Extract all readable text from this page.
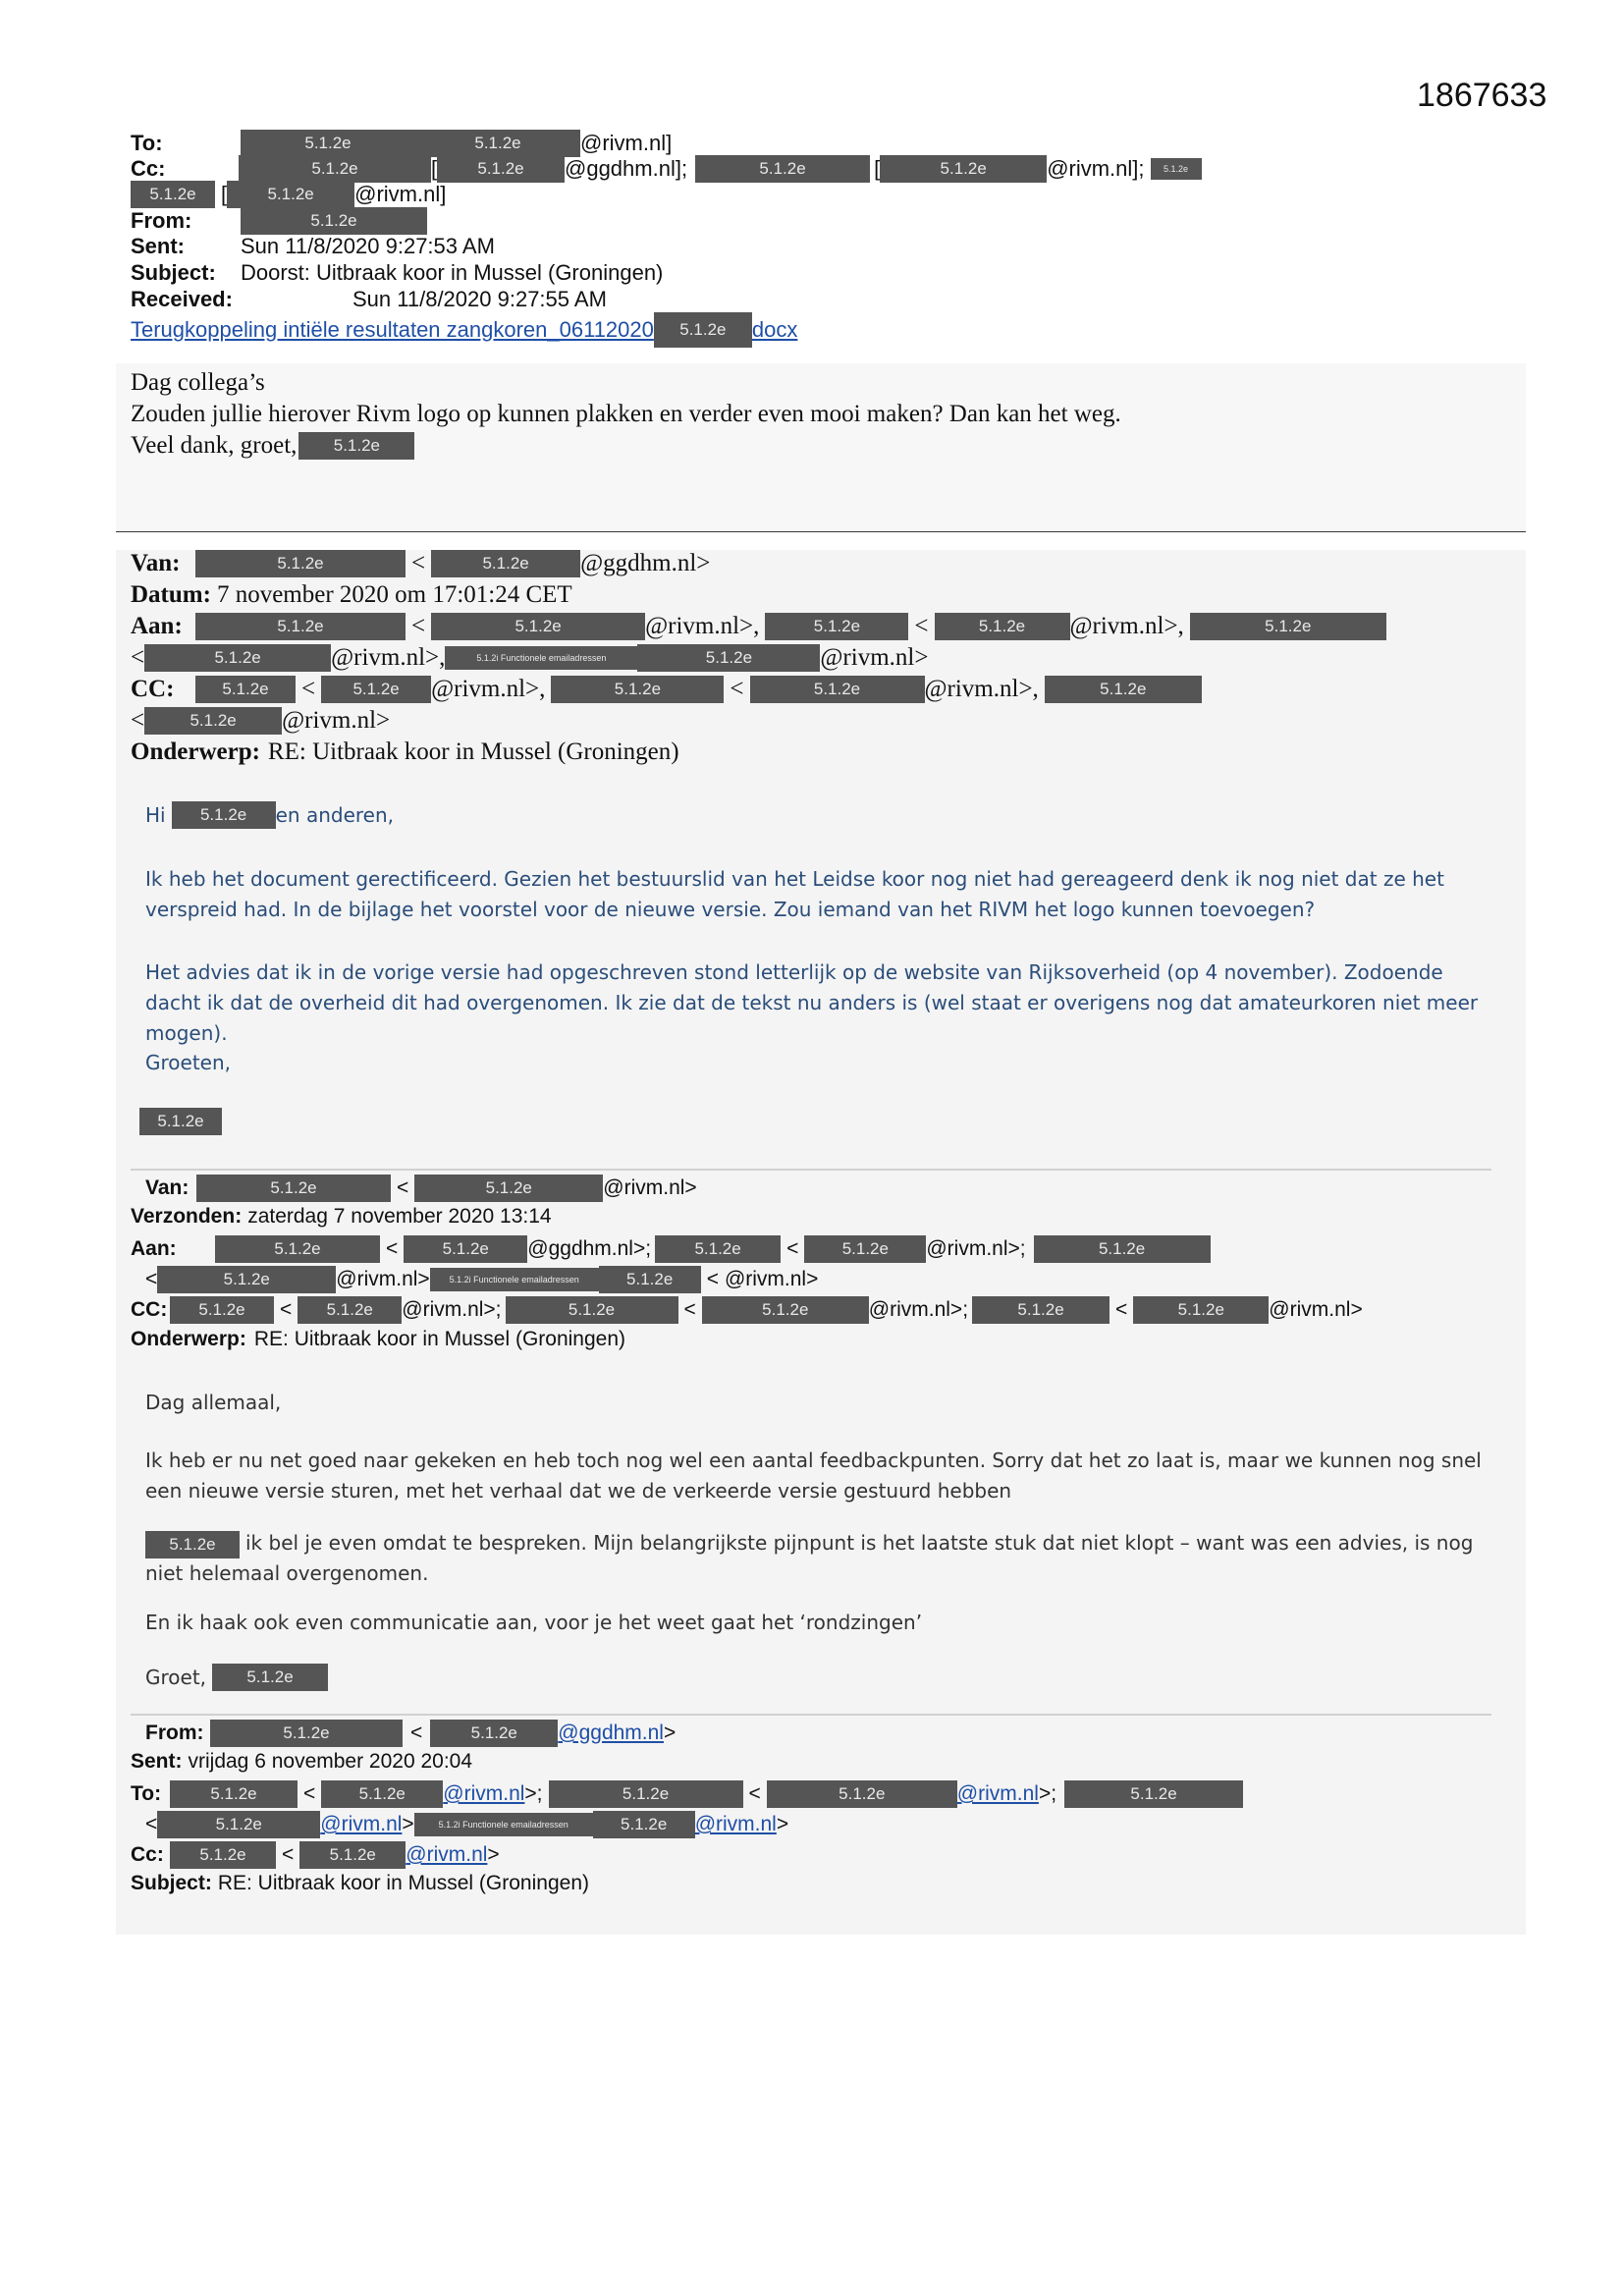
1867633
To:	5.1.2e	5.1.2e	@rivm.nl]
Cc:	5.1.2e	[	5.1.2e	@ggdhm.nl];	5.1.2e	[	5.1.2e	@rivm.nl];	5.1.2e
5.1.2e	[	5.1.2e	@rivm.nl]
From:	5.1.2e
Sent:	Sun 11/8/2020 9:27:53 AM
Subject:	Doorst: Uitbraak koor in Mussel (Groningen)
Received:	Sun 11/8/2020 9:27:55 AM
Terugkoppeling intiële resultaten zangkoren_06112020	5.1.2e	docx
Dag collega’s
Zouden jullie hierover Rivm logo op kunnen plakken en verder even mooi maken? Dan kan het weg.
Veel dank, groet,	5.1.2e
Van:	5.1.2e	<	5.1.2e	@ggdhm.nl>
Datum: 7 november 2020 om 17:01:24 CET
Aan:	5.1.2e	<	5.1.2e	@rivm.nl>,	5.1.2e	<	5.1.2e	@rivm.nl>,	5.1.2e
<	5.1.2e	@rivm.nl>,	5.1.2i Functionele emailadressen	5.1.2e	@rivm.nl>
CC:	5.1.2e	<	5.1.2e	@rivm.nl>,	5.1.2e	<	5.1.2e	@rivm.nl>,	5.1.2e
<	5.1.2e	@rivm.nl>
Onderwerp: RE: Uitbraak koor in Mussel (Groningen)
Hi	5.1.2e	en anderen,
Ik heb het document gerectificeerd. Gezien het bestuurslid van het Leidse koor nog niet had gereageerd denk ik nog niet dat ze het verspreid had. In de bijlage het voorstel voor de nieuwe versie. Zou iemand van het RIVM het logo kunnen toevoegen?
Het advies dat ik in de vorige versie had opgeschreven stond letterlijk op de website van Rijksoverheid (op 4 november). Zodoende dacht ik dat de overheid dit had overgenomen. Ik zie dat de tekst nu anders is (wel staat er overigens nog dat amateurkoren niet meer mogen).
Groeten,
5.1.2e
Van:	5.1.2e	<	5.1.2e	@rivm.nl>
Verzonden: zaterdag 7 november 2020 13:14
Aan:	5.1.2e	<	5.1.2e	@ggdhm.nl>;	5.1.2e	<	5.1.2e	@rivm.nl>;	5.1.2e
<	5.1.2e	@rivm.nl>	5.1.2i Functionele emailadressen	5.1.2e	< @rivm.nl>
CC:	5.1.2e	<	5.1.2e	@rivm.nl>;	5.1.2e	<	5.1.2e	@rivm.nl>;	5.1.2e	<	5.1.2e	@rivm.nl>
Onderwerp: RE: Uitbraak koor in Mussel (Groningen)
Dag allemaal,
Ik heb er nu net goed naar gekeken en heb toch nog wel een aantal feedbackpunten. Sorry dat het zo laat is, maar we kunnen nog snel een nieuwe versie sturen, met het verhaal dat we de verkeerde versie gestuurd hebben
5.1.2e ik bel je even omdat te bespreken. Mijn belangrijkste pijnpunt is het laatste stuk dat niet klopt – want was een advies, is nog niet helemaal overgenomen.
En ik haak ook even communicatie aan, voor je het weet gaat het ‘rondzingen’
Groet,	5.1.2e
From:	5.1.2e	<	5.1.2e	@ggdhm.nl >
Sent: vrijdag 6 november 2020 20:04
To:	5.1.2e	<	5.1.2e	@rivm.nl >;	5.1.2e	<	5.1.2e	@rivm.nl >;	5.1.2e
<	5.1.2e	@rivm.nl >	5.1.2i Functionele emailadressen	5.1.2e	@rivm.nl >
Cc:	5.1.2e	<	5.1.2e	@rivm.nl >
Subject: RE: Uitbraak koor in Mussel (Groningen)
